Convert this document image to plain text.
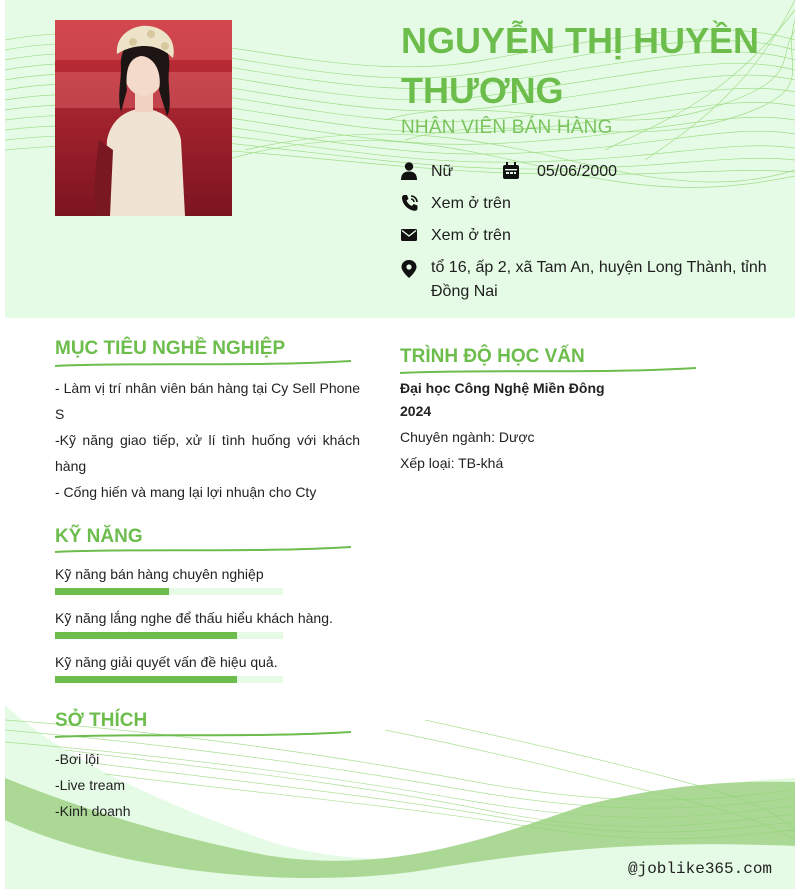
NGUYỄN THỊ HUYỀN THƯƠNG
NHÂN VIÊN BÁN HÀNG
Nữ	05/06/2000
Xem ở trên
Xem ở trên
tổ 16, ấp 2, xã Tam An, huyện Long Thành, tỉnh Đồng Nai
MỤC TIÊU NGHỀ NGHIỆP
- Làm vị trí nhân viên bán hàng tại Cy Sell Phone S
-Kỹ năng giao tiếp, xử lí tình huống với khách hàng
- Cống hiến và mang lại lợi nhuận cho Cty
KỸ NĂNG
Kỹ năng bán hàng chuyên nghiệp
Kỹ năng lắng nghe để thấu hiểu khách hàng.
Kỹ năng giải quyết vấn đề hiệu quả.
SỞ THÍCH
-Bơi lội
-Live tream
-Kinh doanh
TRÌNH ĐỘ HỌC VẤN
Đại học Công Nghệ Miền Đông
2024
Chuyên ngành: Dược
Xếp loại: TB-khá
@joblike365.com
